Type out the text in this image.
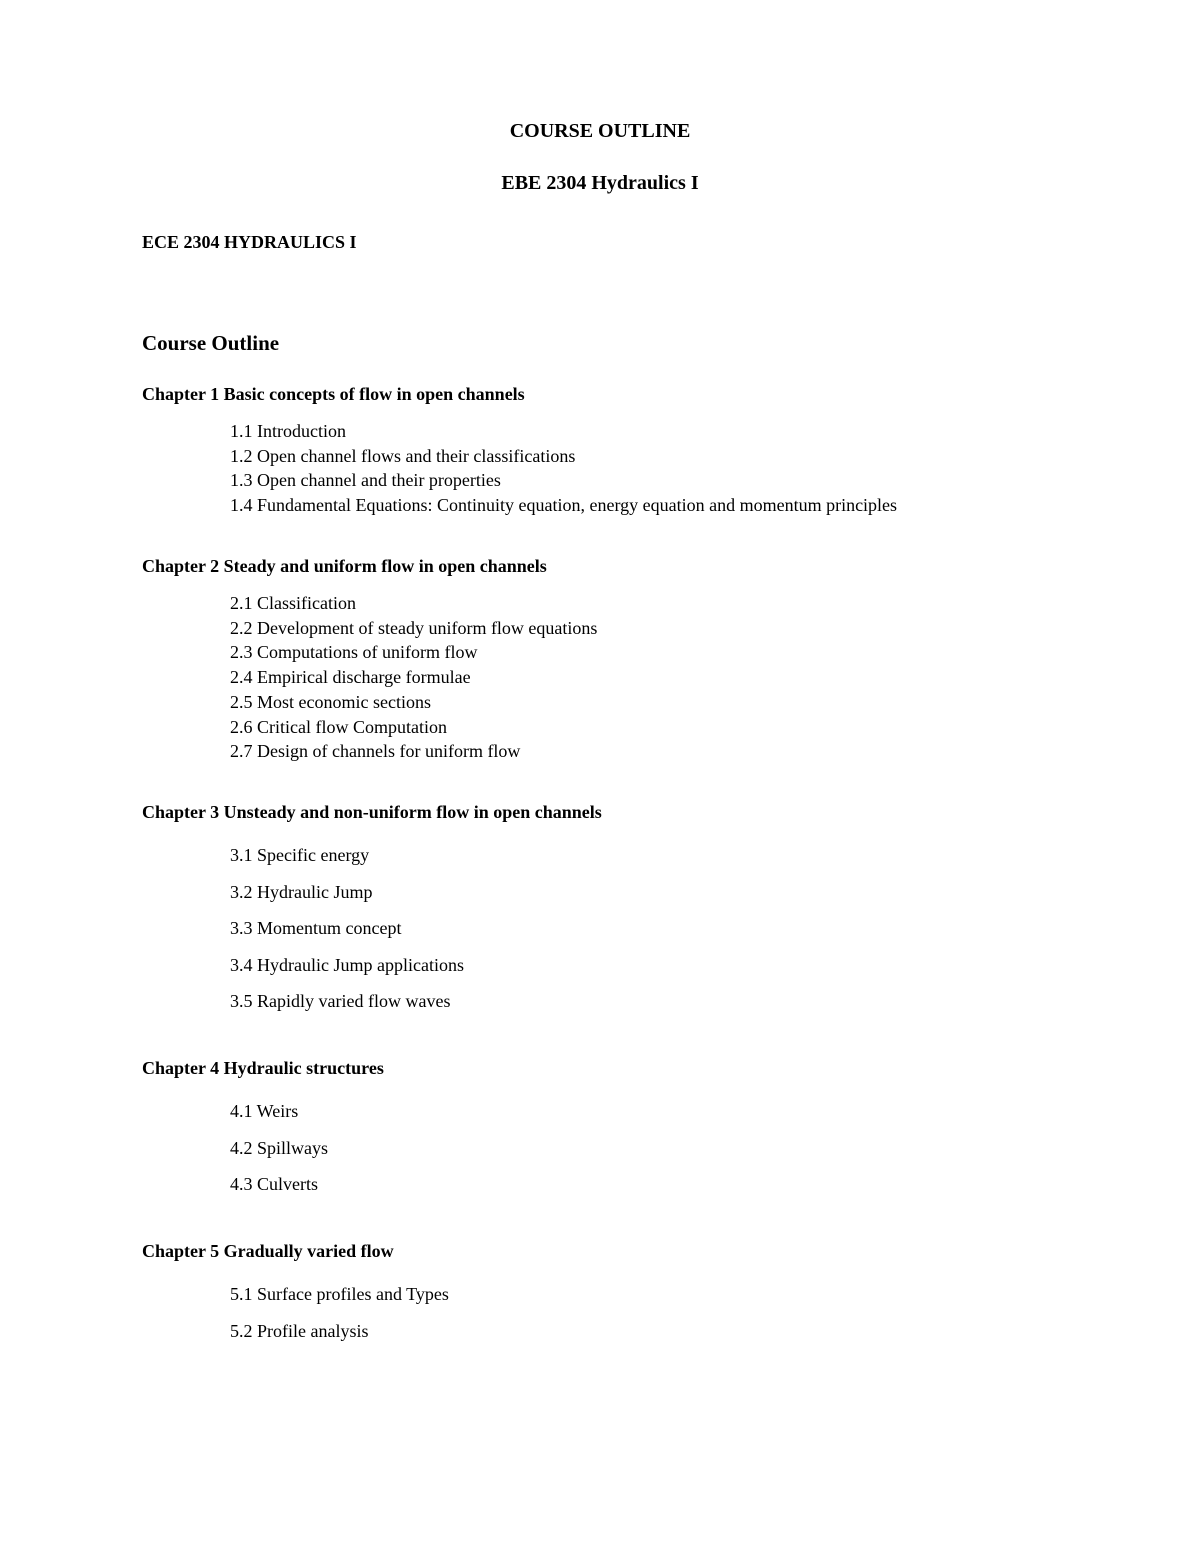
COURSE OUTLINE
EBE 2304 Hydraulics I
ECE 2304 HYDRAULICS I
Course Outline
Chapter 1 Basic concepts of flow in open channels
1.1 Introduction
1.2 Open channel flows and their classifications
1.3 Open channel and their properties
1.4 Fundamental Equations: Continuity equation, energy equation and momentum principles
Chapter 2 Steady and uniform flow in open channels
2.1 Classification
2.2 Development of steady uniform flow equations
2.3 Computations of uniform flow
2.4 Empirical discharge formulae
2.5 Most economic sections
2.6 Critical flow Computation
2.7 Design of channels for uniform flow
Chapter 3 Unsteady and non-uniform flow in open channels
3.1 Specific energy
3.2 Hydraulic Jump
3.3 Momentum concept
3.4 Hydraulic Jump applications
3.5 Rapidly varied flow waves
Chapter 4 Hydraulic structures
4.1 Weirs
4.2 Spillways
4.3 Culverts
Chapter 5 Gradually varied flow
5.1 Surface profiles and Types
5.2 Profile analysis
